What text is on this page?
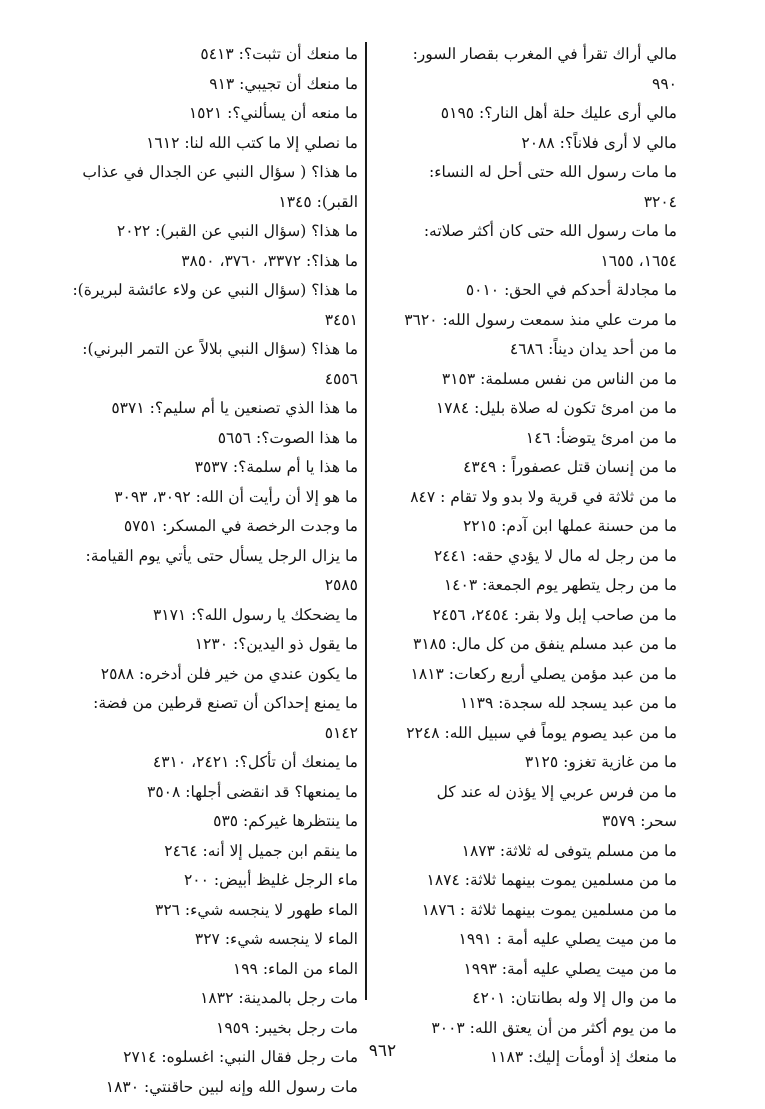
مالي أراك تقرأ في المغرب بقصار السور: ٩٩٠
مالي أرى عليك حلة أهل النار؟: ٥١٩٥
مالي لا أرى فلاناً؟: ٢٠٨٨
ما مات رسول الله حتى أحل له النساء: ٣٢٠٤
ما مات رسول الله حتى كان أكثر صلاته: ١٦٥٤، ١٦٥٥
ما مجادلة أحدكم في الحق: ٥٠١٠
ما مرت علي منذ سمعت رسول الله: ٣٦٢٠
ما من أحد يدان ديناً: ٤٦٨٦
ما من الناس من نفس مسلمة: ٣١٥٣
ما من امرئ تكون له صلاة بليل: ١٧٨٤
ما من امرئ يتوضأ: ١٤٦
ما من إنسان قتل عصفوراً : ٤٣٤٩
ما من ثلاثة في قرية ولا بدو ولا تقام : ٨٤٧
ما من حسنة عملها ابن آدم: ٢٢١٥
ما من رجل له مال لا يؤدي حقه: ٢٤٤١
ما من رجل يتطهر يوم الجمعة: ١٤٠٣
ما من صاحب إبل ولا بقر: ٢٤٥٤، ٢٤٥٦
ما من عبد مسلم ينفق من كل مال: ٣١٨٥
ما من عبد مؤمن يصلي أربع ركعات: ١٨١٣
ما من عبد يسجد لله سجدة: ١١٣٩
ما من عبد يصوم يوماً في سبيل الله: ٢٢٤٨
ما من غازية تغزو: ٣١٢٥
ما من فرس عربي إلا يؤذن له عند كل سحر: ٣٥٧٩
ما من مسلم يتوفى له ثلاثة: ١٨٧٣
ما من مسلمين يموت بينهما ثلاثة: ١٨٧٤
ما من مسلمين يموت بينهما ثلاثة : ١٨٧٦
ما من ميت يصلي عليه أمة : ١٩٩١
ما من ميت يصلي عليه أمة: ١٩٩٣
ما من وال إلا وله بطانتان: ٤٢٠١
ما من يوم أكثر من أن يعتق الله: ٣٠٠٣
ما منعك إذ أومأت إليك: ١١٨٣
ما منعك أن تثبت؟: ٥٤١٣
ما منعك أن تجيبي: ٩١٣
ما منعه أن يسألني؟: ١٥٢١
ما نصلي إلا ما كتب الله لنا: ١٦١٢
ما هذا؟ ( سؤال النبي عن الجدال في عذاب القبر): ١٣٤٥
ما هذا؟ (سؤال النبي عن القبر): ٢٠٢٢
ما هذا؟: ٣٣٧٢، ٣٧٦٠، ٣٨٥٠
ما هذا؟ (سؤال النبي عن ولاء عائشة لبريرة): ٣٤٥١
ما هذا؟ (سؤال النبي بلالاً عن التمر البرني): ٤٥٥٦
ما هذا الذي تصنعين يا أم سليم؟: ٥٣٧١
ما هذا الصوت؟: ٥٦٥٦
ما هذا يا أم سلمة؟: ٣٥٣٧
ما هو إلا أن رأيت أن الله: ٣٠٩٢، ٣٠٩٣
ما وجدت الرخصة في المسكر: ٥٧٥١
ما يزال الرجل يسأل حتى يأتي يوم القيامة: ٢٥٨٥
ما يضحكك يا رسول الله؟: ٣١٧١
ما يقول ذو اليدين؟: ١٢٣٠
ما يكون عندي من خير فلن أدخره: ٢٥٨٨
ما يمنع إحداكن أن تصنع قرطين من فضة: ٥١٤٢
ما يمنعك أن تأكل؟: ٢٤٢١، ٤٣١٠
ما يمنعها؟ قد انقضى أجلها: ٣٥٠٨
ما ينتظرها غيركم: ٥٣٥
ما ينقم ابن جميل إلا أنه: ٢٤٦٤
ماء الرجل غليظ أبيض: ٢٠٠
الماء طهور لا ينجسه شيء: ٣٢٦
الماء لا ينجسه شيء: ٣٢٧
الماء من الماء: ١٩٩
مات رجل بالمدينة: ١٨٣٢
مات رجل بخيبر: ١٩٥٩
مات رجل فقال النبي: اغسلوه: ٢٧١٤
مات رسول الله وإنه لبين حاقنتي: ١٨٣٠
٩٦٢
